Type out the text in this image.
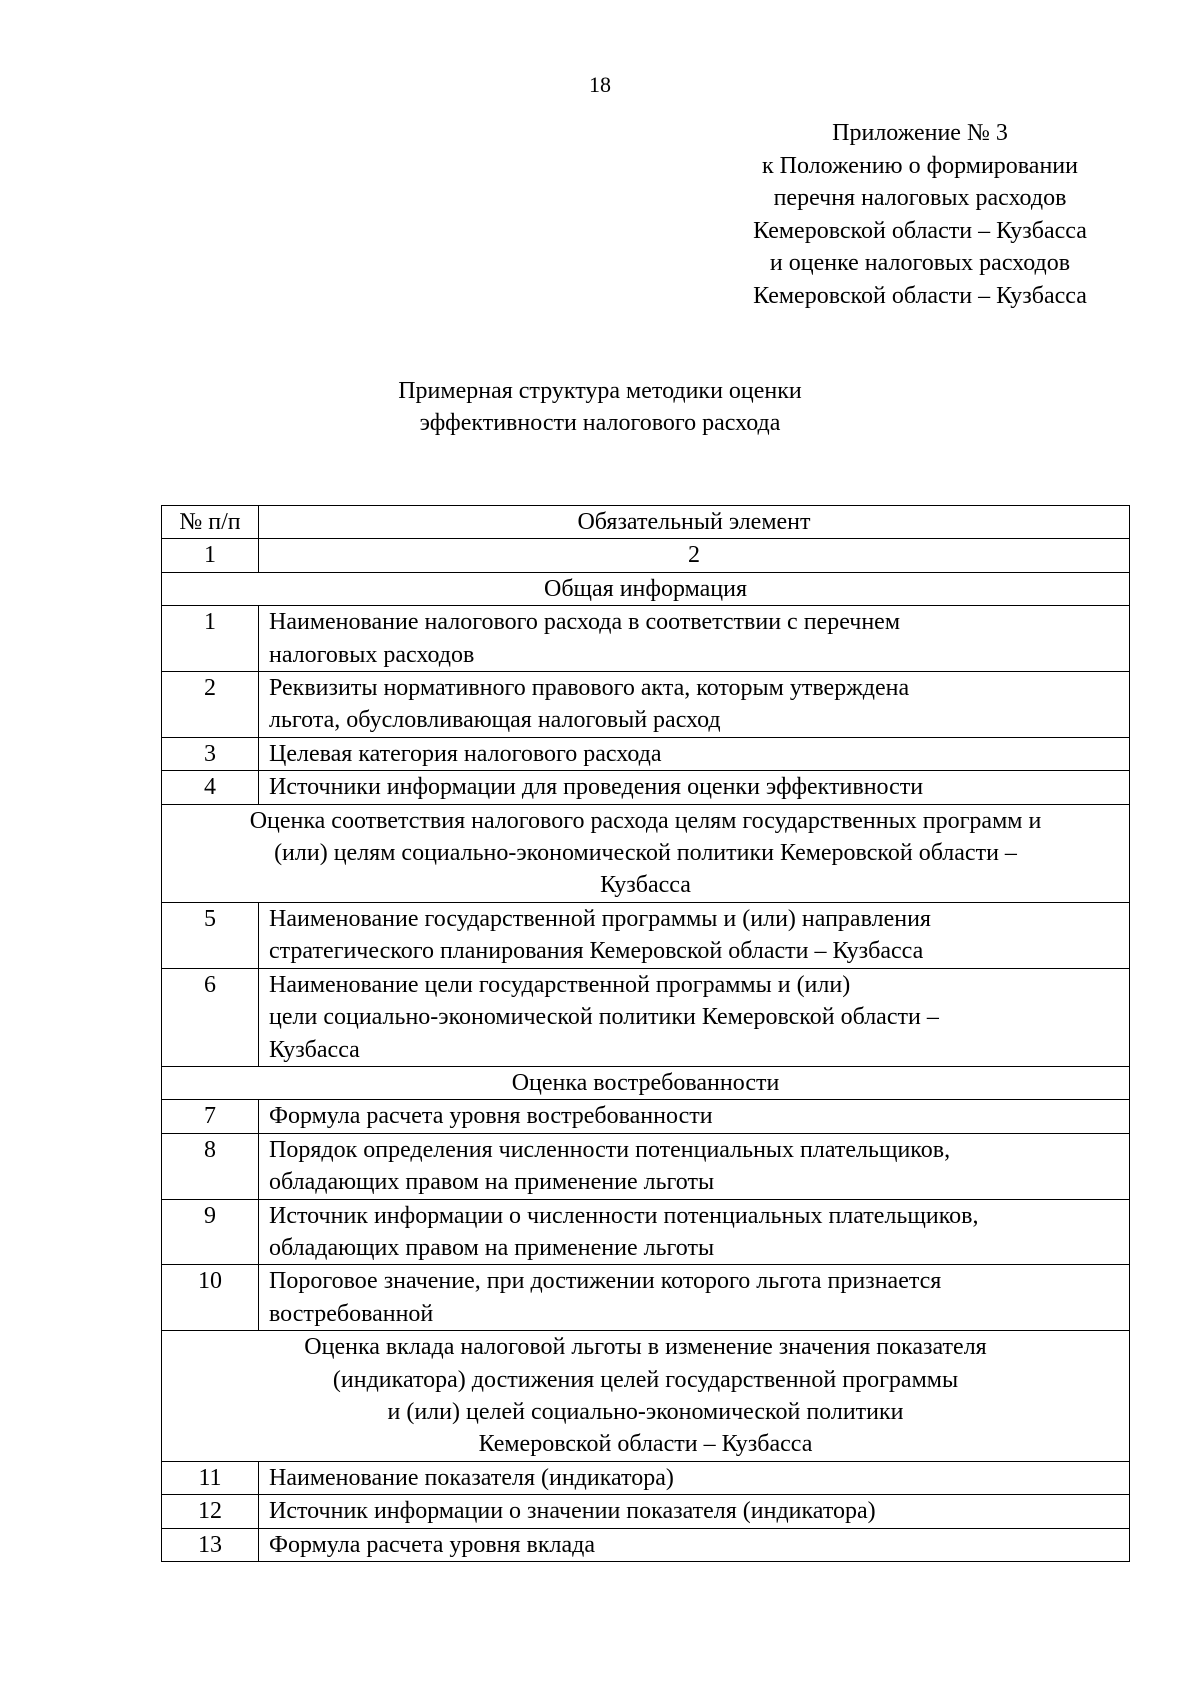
18
Приложение № 3
к Положению о формировании
перечня налоговых расходов
Кемеровской области – Кузбасса
и оценке налоговых расходов
Кемеровской области – Кузбасса
Примерная структура методики оценки
эффективности налогового расхода
№ п/п	Обязательный элемент
1	2

Общая информация	

1	Наименование налогового расхода в соответствии с перечнем
налоговых расходов

2	Реквизиты нормативного правового акта, которым утверждена
льгота, обусловливающая налоговый расход

3	Целевая категория налогового расхода

4	Источники информации для проведения оценки эффективности

Оценка соответствия налогового расхода целям государственных программ и
(или) целям социально-экономической политики Кемеровской области –
Кузбасса	

5	Наименование государственной программы и (или) направления
стратегического планирования Кемеровской области – Кузбасса

6	Наименование цели государственной программы и (или)
цели социально-экономической политики Кемеровской области –
Кузбасса

Оценка востребованности	

7	Формула расчета уровня востребованности

8	Порядок определения численности потенциальных плательщиков,
обладающих правом на применение льготы

9	Источник информации о численности потенциальных плательщиков,
обладающих правом на применение льготы

10	Пороговое значение, при достижении которого льгота признается
востребованной

Оценка вклада налоговой льготы в изменение значения показателя
(индикатора) достижения целей государственной программы
и (или) целей социально-экономической политики
Кемеровской области – Кузбасса	

11	Наименование показателя (индикатора)

12	Источник информации о значении показателя (индикатора)

13	Формула расчета уровня вклада
